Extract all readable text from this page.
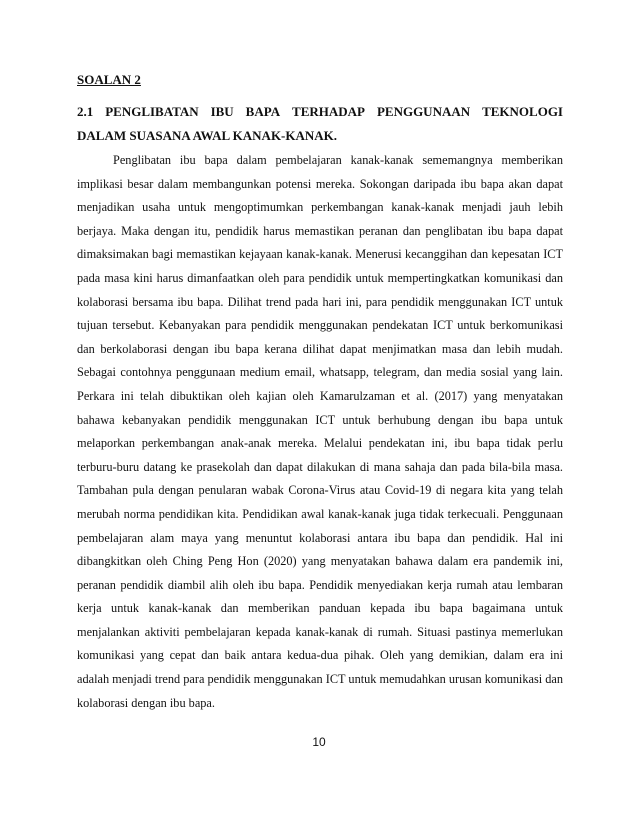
SOALAN 2

2.1 PENGLIBATAN IBU BAPA TERHADAP PENGGUNAAN TEKNOLOGI
DALAM SUASANA AWAL KANAK-KANAK.

Penglibatan ibu bapa dalam pembelajaran kanak-kanak sememangnya memberikan implikasi besar dalam membangunkan potensi mereka. Sokongan daripada ibu bapa akan dapat menjadikan usaha untuk mengoptimumkan perkembangan kanak-kanak menjadi jauh lebih berjaya. Maka dengan itu, pendidik harus memastikan peranan dan penglibatan ibu bapa dapat dimaksimakan bagi memastikan kejayaan kanak-kanak. Menerusi kecanggihan dan kepesatan ICT pada masa kini harus dimanfaatkan oleh para pendidik untuk mempertingkatkan komunikasi dan kolaborasi bersama ibu bapa. Dilihat trend pada hari ini, para pendidik menggunakan ICT untuk tujuan tersebut. Kebanyakan para pendidik menggunakan pendekatan ICT untuk berkomunikasi dan berkolaborasi dengan ibu bapa kerana dilihat dapat menjimatkan masa dan lebih mudah. Sebagai contohnya penggunaan medium email, whatsapp, telegram, dan media sosial yang lain. Perkara ini telah dibuktikan oleh kajian oleh Kamarulzaman et al. (2017) yang menyatakan bahawa kebanyakan pendidik menggunakan ICT untuk berhubung dengan ibu bapa untuk melaporkan perkembangan anak-anak mereka. Melalui pendekatan ini, ibu bapa tidak perlu terburu-buru datang ke prasekolah dan dapat dilakukan di mana sahaja dan pada bila-bila masa. Tambahan pula dengan penularan wabak Corona-Virus atau Covid-19 di negara kita yang telah merubah norma pendidikan kita. Pendidikan awal kanak-kanak juga tidak terkecuali. Penggunaan pembelajaran alam maya yang menuntut kolaborasi antara ibu bapa dan pendidik. Hal ini dibangkitkan oleh Ching Peng Hon (2020) yang menyatakan bahawa dalam era pandemik ini, peranan pendidik diambil alih oleh ibu bapa. Pendidik menyediakan kerja rumah atau lembaran kerja untuk kanak-kanak dan memberikan panduan kepada ibu bapa bagaimana untuk menjalankan aktiviti pembelajaran kepada kanak-kanak di rumah. Situasi pastinya memerlukan komunikasi yang cepat dan baik antara kedua-dua pihak. Oleh yang demikian, dalam era ini adalah menjadi trend para pendidik menggunakan ICT untuk memudahkan urusan komunikasi dan kolaborasi dengan ibu bapa.

10
